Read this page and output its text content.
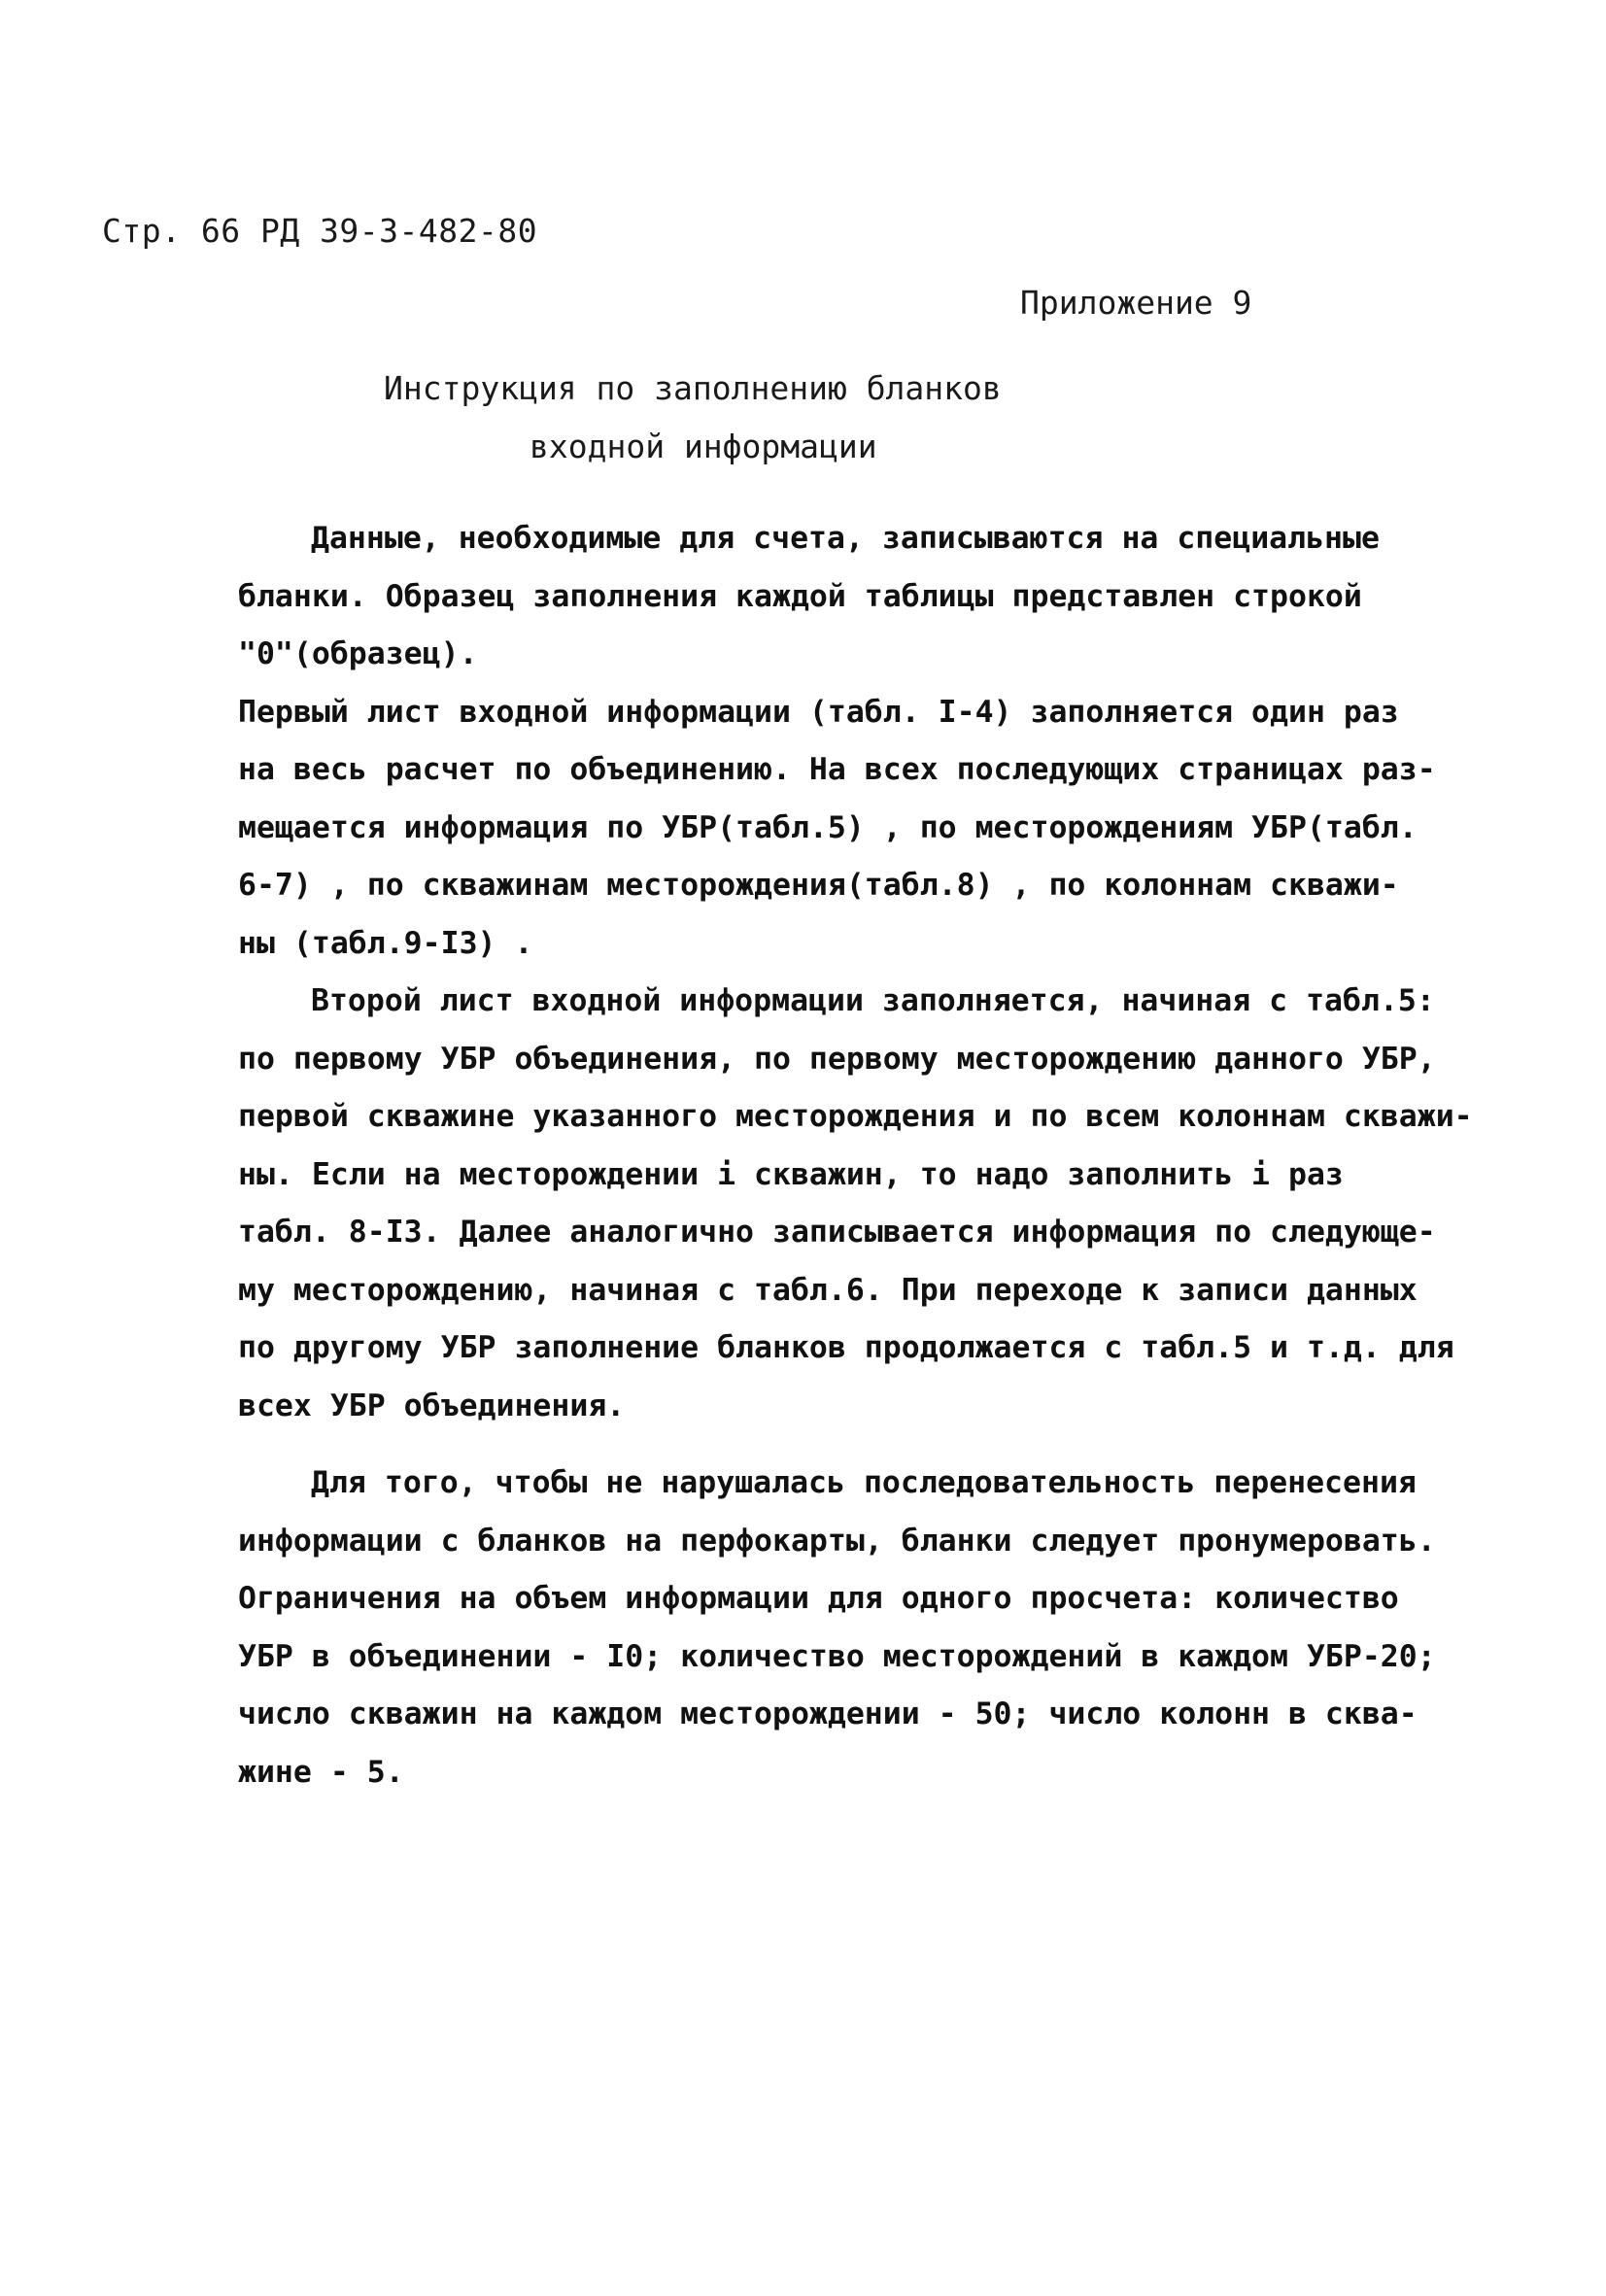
Стр. 66 РД 39-3-482-80
Приложение 9
Инструкция по заполнению бланков
входной информации
Данные, необходимые для счета, записываются на специальные
бланки. Образец заполнения каждой таблицы представлен строкой
"0"(образец).
Первый лист входной информации (табл. I-4) заполняется один раз
на весь расчет по объединению. На всех последующих страницах раз-
мещается информация по УБР(табл.5) , по месторождениям УБР(табл.
6-7) , по скважинам месторождения(табл.8) , по колоннам скважи-
ны (табл.9-I3) .
Второй лист входной информации заполняется, начиная с табл.5:
по первому УБР объединения, по первому месторождению данного УБР,
первой скважине указанного месторождения и по всем колоннам скважи-
ны. Если на месторождении i скважин, то надо заполнить i раз
табл. 8-I3. Далее аналогично записывается информация по следующе-
му месторождению, начиная с табл.6. При переходе к записи данных
по другому УБР заполнение бланков продолжается с табл.5 и т.д. для
всех УБР объединения.
Для того, чтобы не нарушалась последовательность перенесения
информации с бланков на перфокарты, бланки следует пронумеровать.
Ограничения на объем информации для одного просчета: количество
УБР в объединении - I0; количество месторождений в каждом УБР-20;
число скважин на каждом месторождении - 50; число колонн в сква-
жине - 5.
